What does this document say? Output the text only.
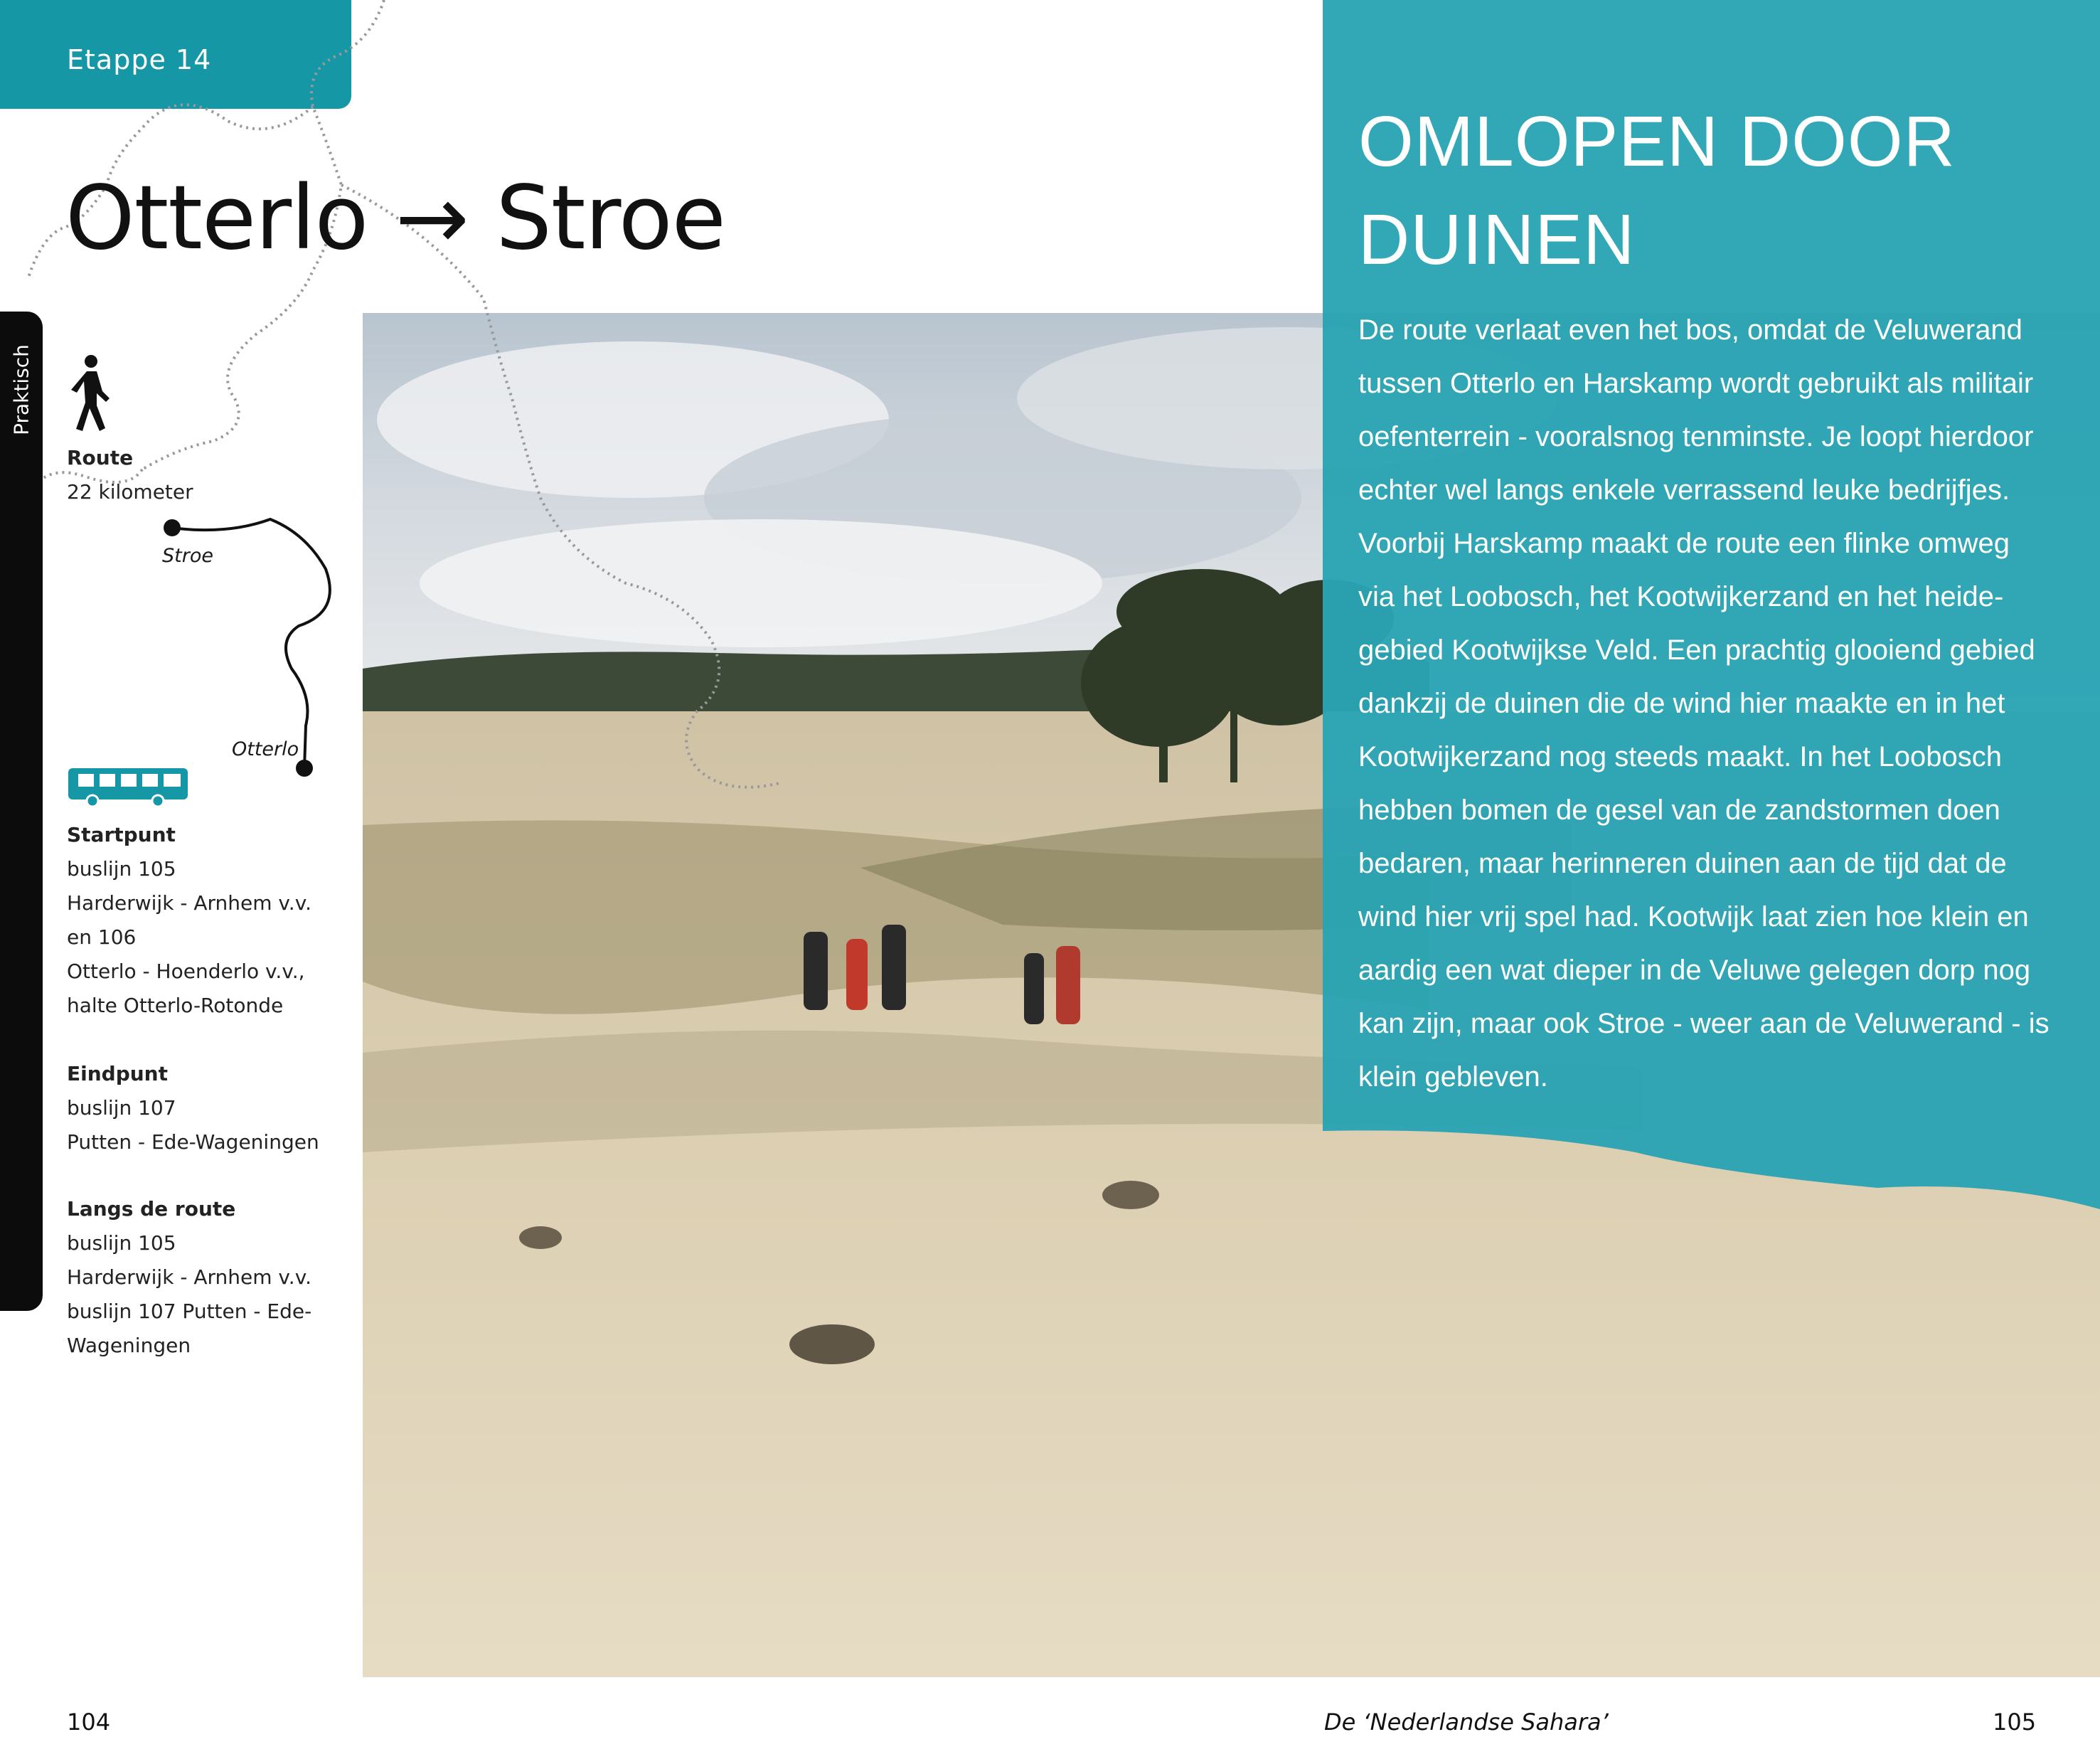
Etappe 14
Otterlo → Stroe
Praktisch
Stroe
Otterlo
Route
22 kilometer
Startpunt
buslijn 105
Harderwijk - Arnhem v.v.
en 106
Otterlo - Hoenderlo v.v.,
halte Otterlo-Rotonde
Eindpunt
buslijn 107
Putten - Ede-Wageningen
Langs de route
buslijn 105
Harderwijk - Arnhem v.v.
buslijn 107 Putten - Ede-
Wageningen
OMLOPEN DOOR
DUINEN
De route verlaat even het bos, omdat de Veluwerand
tussen Otterlo en Harskamp wordt gebruikt als militair
oefenterrein - vooralsnog tenminste. Je loopt hierdoor
echter wel langs enkele verrassend leuke bedrijfjes.
Voorbij Harskamp maakt de route een flinke omweg
via het Loobosch, het Kootwijkerzand en het heide-
gebied Kootwijkse Veld. Een prachtig glooiend gebied
dankzij de duinen die de wind hier maakte en in het
Kootwijkerzand nog steeds maakt. In het Loobosch
hebben bomen de gesel van de zandstormen doen
bedaren, maar herinneren duinen aan de tijd dat de
wind hier vrij spel had. Kootwijk laat zien hoe klein en
aardig een wat dieper in de Veluwe gelegen dorp nog
kan zijn, maar ook Stroe - weer aan de Veluwerand - is
klein gebleven.
104	De ‘Nederlandse Sahara’	105
